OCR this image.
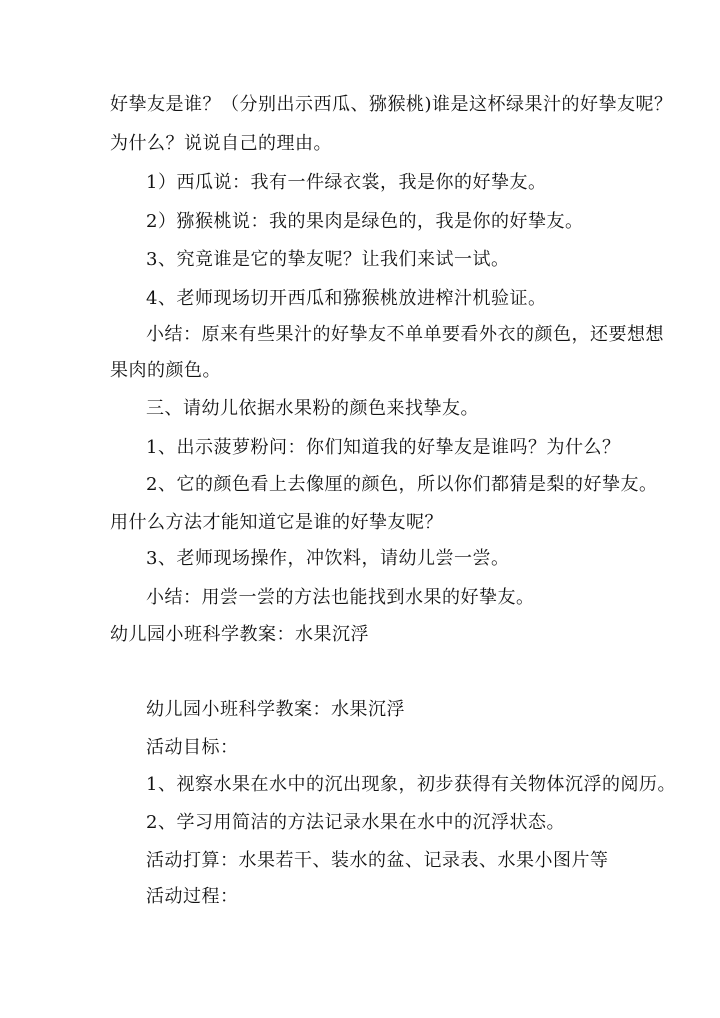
好挚友是谁？（分别出示西瓜、猕猴桃)谁是这杯绿果汁的好挚友呢？
为什么？说说自己的理由。
1）西瓜说：我有一件绿衣裳，我是你的好挚友。
2）猕猴桃说：我的果肉是绿色的，我是你的好挚友。
3、究竟谁是它的挚友呢？让我们来试一试。
4、老师现场切开西瓜和猕猴桃放进榨汁机验证。
小结：原来有些果汁的好挚友不单单要看外衣的颜色，还要想想
果肉的颜色。
三、请幼儿依据水果粉的颜色来找挚友。
1、出示菠萝粉问：你们知道我的好挚友是谁吗？为什么？
2、它的颜色看上去像厘的颜色，所以你们都猜是梨的好挚友。
用什么方法才能知道它是谁的好挚友呢？
3、老师现场操作，冲饮料，请幼儿尝一尝。
小结：用尝一尝的方法也能找到水果的好挚友。
幼儿园小班科学教案：水果沉浮
幼儿园小班科学教案：水果沉浮
活动目标：
1、视察水果在水中的沉出现象，初步获得有关物体沉浮的阅历。
2、学习用简洁的方法记录水果在水中的沉浮状态。
活动打算：水果若干、装水的盆、记录表、水果小图片等
活动过程：
